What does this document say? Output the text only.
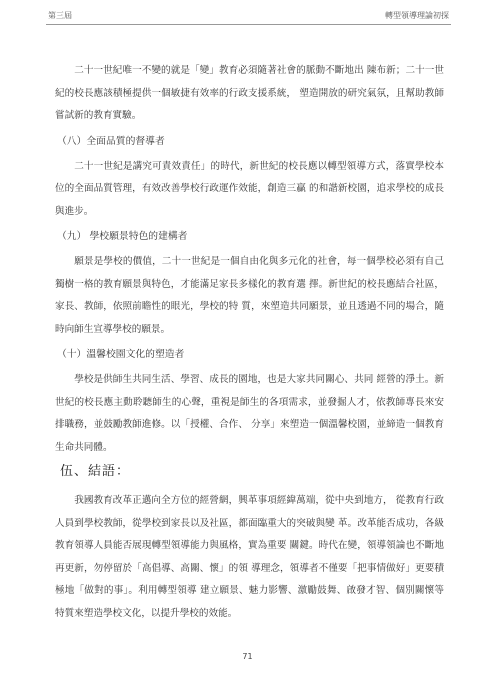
第三屆	轉型領導理論初探

二十一世紀唯一不變的就是「變」教育必須隨著社會的脈動不斷地出 陳布新；二十一世紀的校長應該積極提供一個敏捷有效率的行政支援系統， 塑造開放的研究氣氛，且幫助教師嘗試新的教育實驗。

（八）全面品質的督導者

二十一世紀是講究可責效責任」的時代，新世紀的校長應以轉型領導方式，落實學校本位的全面品質管理，有效改善學校行政運作效能，創造三贏 的和諧新校園，追求學校的成長與進步。

（九） 學校願景特色的建構者

願景是學校的價值，二十一世紀是一個自由化與多元化的社會，每一個學校必須有自己獨樹一格的教育願景與特色，才能滿足家長多樣化的教育選 擇。新世紀的校長應結合社區，家長、教師，依照前瞻性的眼光，學校的特 質，來塑造共同願景，並且透過不同的場合，隨時向師生宣導學校的願景。

（十）溫馨校園文化的塑造者

學校是供師生共同生活、學習、成長的園地，也是大家共同關心、共同 經營的淨土。新世紀的校長應主動聆聽師生的心聲，重視是師生的各項需求，並發掘人才，依教師專長來安排職務，並鼓勵教師進修。以「授權、合作、 分享」來塑造一個溫馨校園，並締造一個教育生命共同體。

伍、結語：

我國教育改革正邁向全方位的經營網，興革事項經緯萬端，從中央到地方， 從教育行政人員到學校教師，從學校到家長以及社區，都面臨重大的突破與變 革。改革能否成功，各級教育領導人員能否展現轉型領導能力與風格，實為重要 關鍵。時代在變，領導領論也不斷地再更新，勿停留於「高倡導、高關、懷」的領 導理念，領導者不僅要「把事情做好」更要積極地「做對的事」。利用轉型領導 建立願景、魅力影響、激勵鼓舞、啟發才智、個別關懷等特質來塑造學校文化，以提升學校的效能。

71
